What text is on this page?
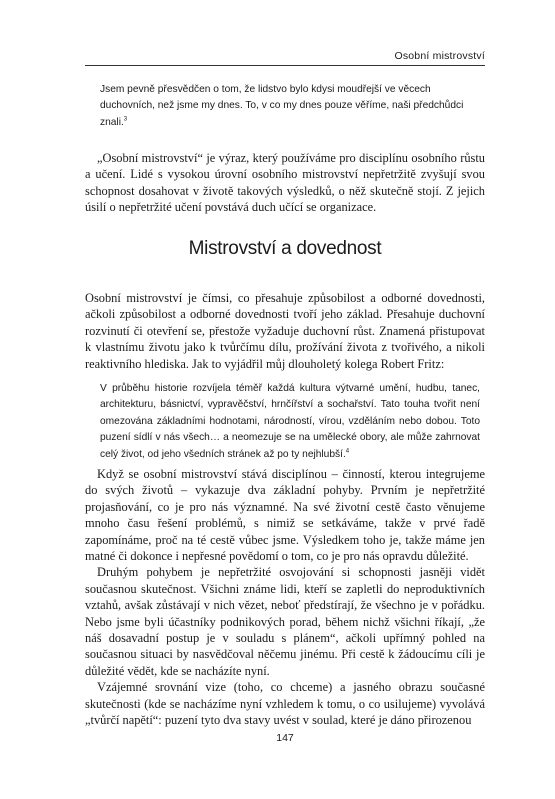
Osobní mistrovství
Jsem pevně přesvědčen o tom, že lidstvo bylo kdysi moudřejší ve věcech duchovních, než jsme my dnes. To, v co my dnes pouze věříme, naši předchůdci znali.$^3$
„Osobní mistrovství“ je výraz, který používáme pro disciplínu osobního růstu a učení. Lidé s vysokou úrovní osobního mistrovství nepřetržitě zvyšují svou schopnost dosahovat v životě takových výsledků, o něž skutečně stojí. Z jejich úsilí o nepřetržité učení povstává duch učící se organizace.
Mistrovství a dovednost
Osobní mistrovství je čímsi, co přesahuje způsobilost a odborné dovednosti, ačkoli způsobilost a odborné dovednosti tvoří jeho základ. Přesahuje duchovní rozvinutí či otevření se, přestože vyžaduje duchovní růst. Znamená přistupovat k vlastnímu životu jako k tvůrčímu dílu, prožívání života z tvořivého, a nikoli reaktivního hlediska. Jak to vyjádřil můj dlouholetý kolega Robert Fritz:
V průběhu historie rozvíjela téměř každá kultura výtvarné umění, hudbu, tanec, architekturu, básnictví, vypravěčství, hrnčířství a sochařství. Tato touha tvořit není omezována základními hodnotami, národností, vírou, vzděláním nebo dobou. Toto puzení sídlí v nás všech… a neomezuje se na umělecké obory, ale může zahrnovat celý život, od jeho všedních stránek až po ty nejhlubší.$^4$

Když se osobní mistrovství stává disciplínou – činností, kterou integrujeme do svých životů – vykazuje dva základní pohyby. Prvním je nepřetržité projasňování, co je pro nás významné. Na své životní cestě často věnujeme mnoho času řešení problémů, s nimiž se setkáváme, takže v prvé řadě zapomínáme, proč na té cestě vůbec jsme. Výsledkem toho je, takže máme jen matné či dokonce i nepřesné povědomí o tom, co je pro nás opravdu důležité.

Druhým pohybem je nepřetržité osvojování si schopnosti jasněji vidět současnou skutečnost. Všichni známe lidi, kteří se zapletli do neproduktivních vztahů, avšak zůstávají v nich vězet, neboť předstírají, že všechno je v pořádku. Nebo jsme byli účastníky podnikových porad, během nichž všichni říkají, „že náš dosavadní postup je v souladu s plánem“, ačkoli upřímný pohled na současnou situaci by nasvědčoval něčemu jinému. Při cestě k žádoucímu cíli je důležité vědět, kde se nacházíte nyní.

Vzájemné srovnání vize (toho, co chceme) a jasného obrazu současné skutečnosti (kde se nacházíme nyní vzhledem k tomu, o co usilujeme) vyvolává „tvůrčí napětí“: puzení tyto dva stavy uvést v soulad, které je dáno přirozenou

147
